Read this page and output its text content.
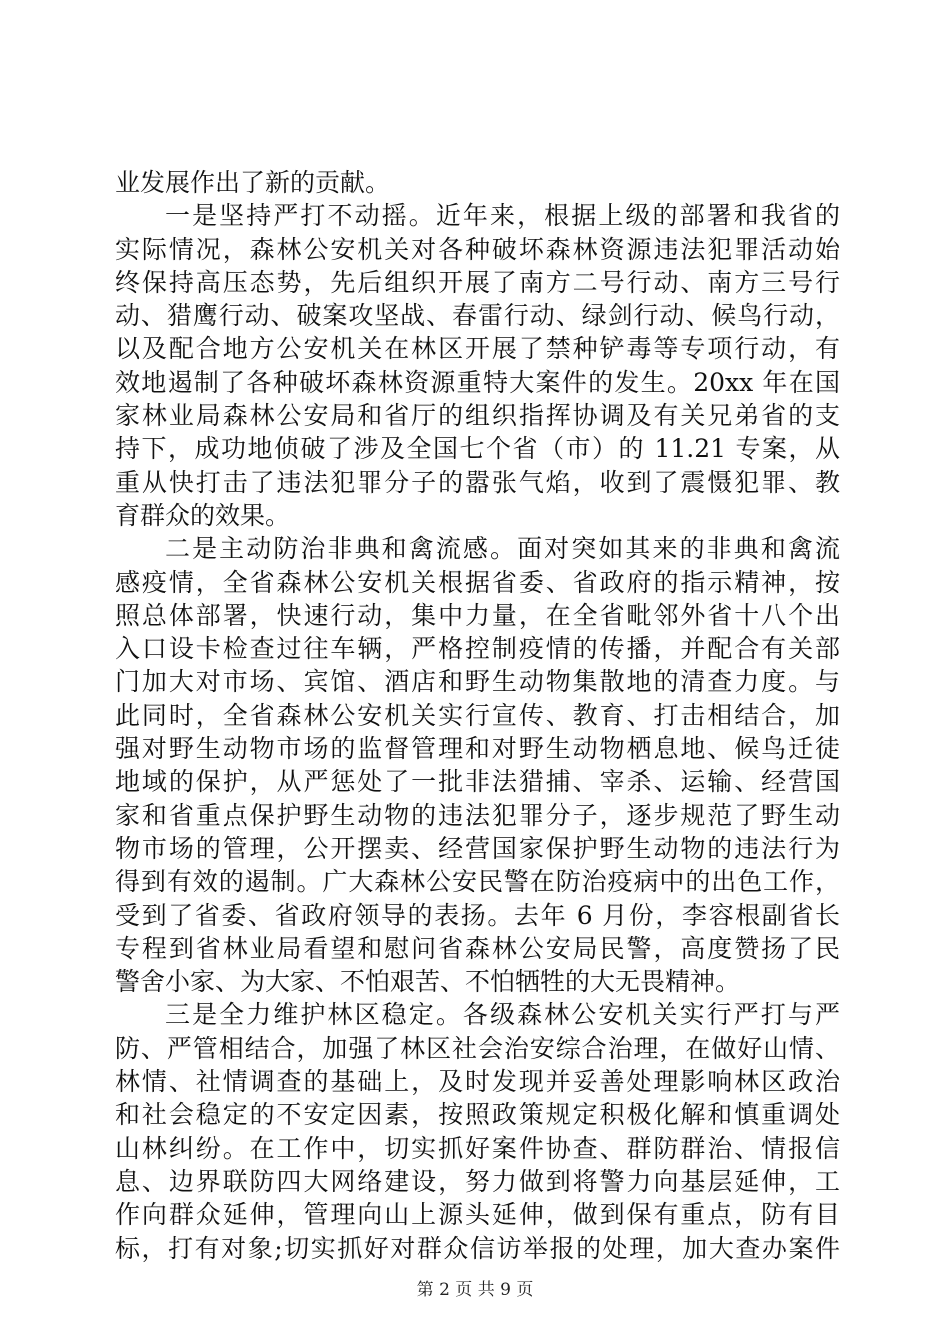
业发展作出了新的贡献。
一是坚持严打不动摇。近年来，根据上级的部署和我省的
实际情况，森林公安机关对各种破坏森林资源违法犯罪活动始
终保持高压态势，先后组织开展了南方二号行动、南方三号行
动、猎鹰行动、破案攻坚战、春雷行动、绿剑行动、候鸟行动，
以及配合地方公安机关在林区开展了禁种铲毒等专项行动，有
效地遏制了各种破坏森林资源重特大案件的发生。20xx 年在国
家林业局森林公安局和省厅的组织指挥协调及有关兄弟省的支
持下，成功地侦破了涉及全国七个省（市）的 11.21 专案，从
重从快打击了违法犯罪分子的嚣张气焰，收到了震慑犯罪、教
育群众的效果。
二是主动防治非典和禽流感。面对突如其来的非典和禽流
感疫情，全省森林公安机关根据省委、省政府的指示精神，按
照总体部署，快速行动，集中力量，在全省毗邻外省十八个出
入口设卡检查过往车辆，严格控制疫情的传播，并配合有关部
门加大对市场、宾馆、酒店和野生动物集散地的清查力度。与
此同时，全省森林公安机关实行宣传、教育、打击相结合，加
强对野生动物市场的监督管理和对野生动物栖息地、候鸟迁徒
地域的保护，从严惩处了一批非法猎捕、宰杀、运输、经营国
家和省重点保护野生动物的违法犯罪分子，逐步规范了野生动
物市场的管理，公开摆卖、经营国家保护野生动物的违法行为
得到有效的遏制。广大森林公安民警在防治疫病中的出色工作，
受到了省委、省政府领导的表扬。去年 6 月份，李容根副省长
专程到省林业局看望和慰问省森林公安局民警，高度赞扬了民
警舍小家、为大家、不怕艰苦、不怕牺牲的大无畏精神。
三是全力维护林区稳定。各级森林公安机关实行严打与严
防、严管相结合，加强了林区社会治安综合治理，在做好山情、
林情、社情调查的基础上，及时发现并妥善处理影响林区政治
和社会稳定的不安定因素，按照政策规定积极化解和慎重调处
山林纠纷。在工作中，切实抓好案件协查、群防群治、情报信
息、边界联防四大网络建设，努力做到将警力向基层延伸，工
作向群众延伸，管理向山上源头延伸，做到保有重点，防有目
标，打有对象;切实抓好对群众信访举报的处理，加大查办案件
第 2 页 共 9 页
